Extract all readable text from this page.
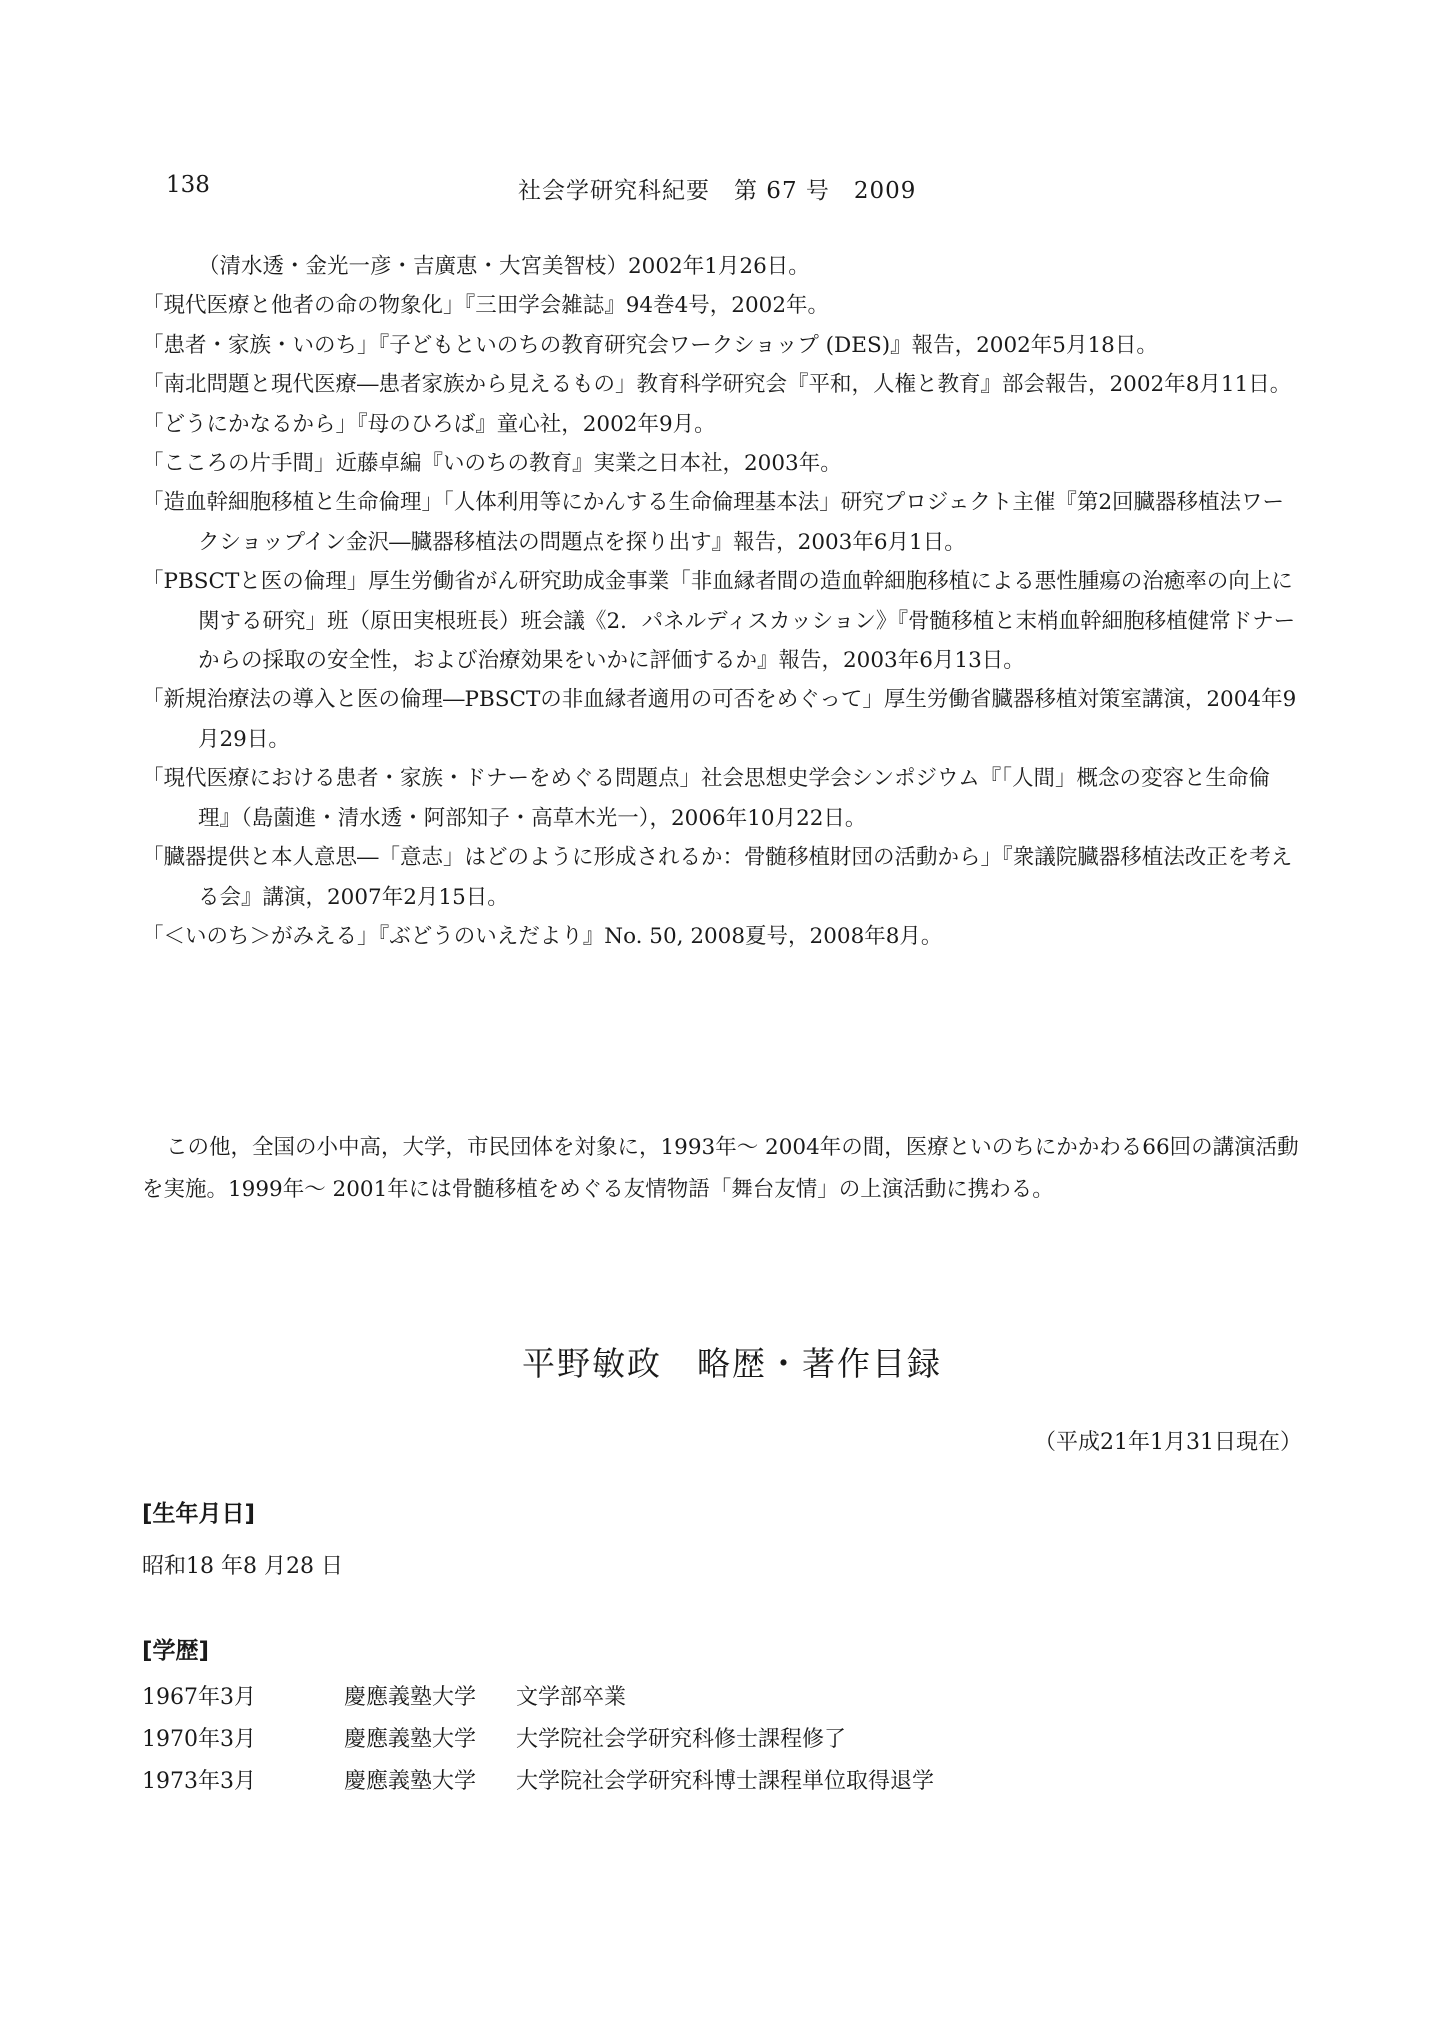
138	社会学研究科紀要　第 67 号　2009
（清水透・金光一彦・吉廣恵・大宮美智枝）2002年1月26日。
「現代医療と他者の命の物象化」『三田学会雑誌』94巻4号，2002年。
「患者・家族・いのち」『子どもといのちの教育研究会ワークショップ (DES)』報告，2002年5月18日。
「南北問題と現代医療―患者家族から見えるもの」教育科学研究会『平和，人権と教育』部会報告，2002年8月11日。
「どうにかなるから」『母のひろば』童心社，2002年9月。
「こころの片手間」近藤卓編『いのちの教育』実業之日本社，2003年。
「造血幹細胞移植と生命倫理」「人体利用等にかんする生命倫理基本法」研究プロジェクト主催『第2回臓器移植法ワークショップイン金沢―臓器移植法の問題点を探り出す』報告，2003年6月1日。
「PBSCTと医の倫理」厚生労働省がん研究助成金事業「非血縁者間の造血幹細胞移植による悪性腫瘍の治癒率の向上に関する研究」班（原田実根班長）班会議《2．パネルディスカッション》『骨髄移植と末梢血幹細胞移植健常ドナーからの採取の安全性，および治療効果をいかに評価するか』報告，2003年6月13日。
「新規治療法の導入と医の倫理―PBSCTの非血縁者適用の可否をめぐって」厚生労働省臓器移植対策室講演，2004年9月29日。
「現代医療における患者・家族・ドナーをめぐる問題点」社会思想史学会シンポジウム『「人間」概念の変容と生命倫理』（島薗進・清水透・阿部知子・高草木光一），2006年10月22日。
「臓器提供と本人意思―「意志」はどのように形成されるか：骨髄移植財団の活動から」『衆議院臓器移植法改正を考える会』講演，2007年2月15日。
「＜いのち＞がみえる」『ぶどうのいえだより』No. 50, 2008夏号，2008年8月。
この他，全国の小中高，大学，市民団体を対象に，1993年～ 2004年の間，医療といのちにかかわる66回の講演活動を実施。1999年～ 2001年には骨髄移植をめぐる友情物語「舞台友情」の上演活動に携わる。
平野敏政　略歴・著作目録
（平成21年1月31日現在）
[生年月日]
昭和18 年8 月28 日
[学歴]
1967年3月	慶應義塾大学 文学部卒業
1970年3月	慶應義塾大学 大学院社会学研究科修士課程修了
1973年3月	慶應義塾大学 大学院社会学研究科博士課程単位取得退学
